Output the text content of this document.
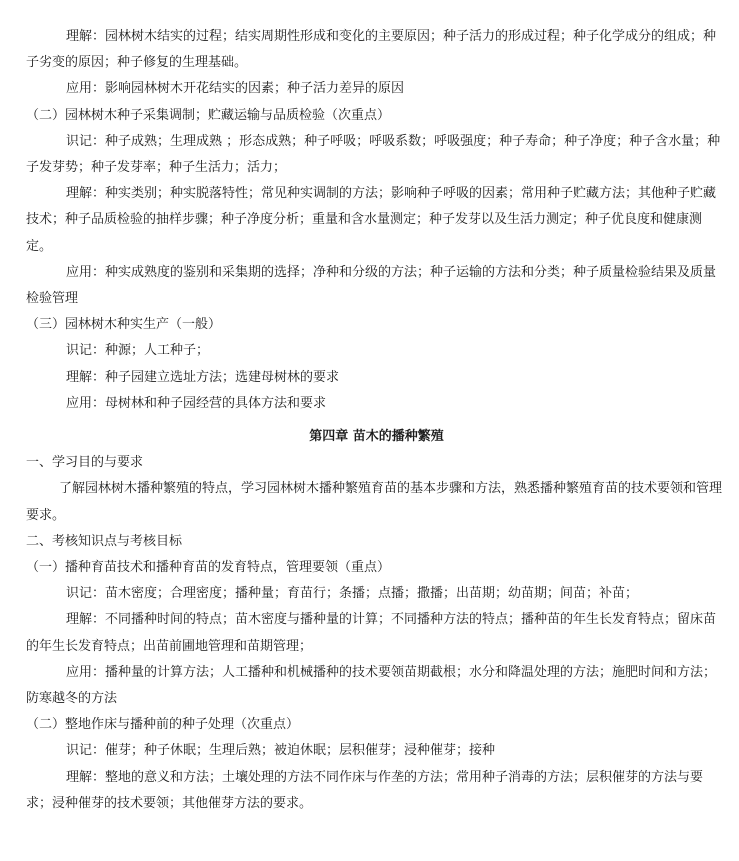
理解：园林树木结实的过程；结实周期性形成和变化的主要原因；种子活力的形成过程；种子化学成分的组成；种子劣变的原因；种子修复的生理基础。

应用：影响园林树木开花结实的因素；种子活力差异的原因

（二）园林树木种子采集调制；贮藏运输与品质检验（次重点）

识记：种子成熟；生理成熟 ；形态成熟；种子呼吸；呼吸系数；呼吸强度；种子寿命；种子净度；种子含水量；种子发芽势；种子发芽率；种子生活力；活力；

理解：种实类别；种实脱落特性；常见种实调制的方法；影响种子呼吸的因素；常用种子贮藏方法；其他种子贮藏技术；种子品质检验的抽样步骤；种子净度分析；重量和含水量测定；种子发芽以及生活力测定；种子优良度和健康测定。

应用：种实成熟度的鉴别和采集期的选择；净种和分级的方法；种子运输的方法和分类；种子质量检验结果及质量检验管理

（三）园林树木种实生产（一般）

识记：种源；人工种子；

理解：种子园建立选址方法；选建母树林的要求

应用：母树林和种子园经营的具体方法和要求

第四章 苗木的播种繁殖

一、学习目的与要求

了解园林树木播种繁殖的特点，学习园林树木播种繁殖育苗的基本步骤和方法，熟悉播种繁殖育苗的技术要领和管理要求。

二、考核知识点与考核目标

（一）播种育苗技术和播种育苗的发育特点，管理要领（重点）

识记：苗木密度；合理密度；播种量；育苗行；条播；点播；撒播；出苗期；幼苗期；间苗；补苗；

理解：不同播种时间的特点；苗木密度与播种量的计算；不同播种方法的特点；播种苗的年生长发育特点；留床苗的年生长发育特点；出苗前圃地管理和苗期管理；

应用：播种量的计算方法；人工播种和机械播种的技术要领苗期截根；水分和降温处理的方法；施肥时间和方法；防寒越冬的方法

（二）整地作床与播种前的种子处理（次重点）

识记：催芽；种子休眠；生理后熟；被迫休眠；层积催芽；浸种催芽；接种

理解：整地的意义和方法；土壤处理的方法不同作床与作垄的方法；常用种子消毒的方法；层积催芽的方法与要求；浸种催芽的技术要领；其他催芽方法的要求。
